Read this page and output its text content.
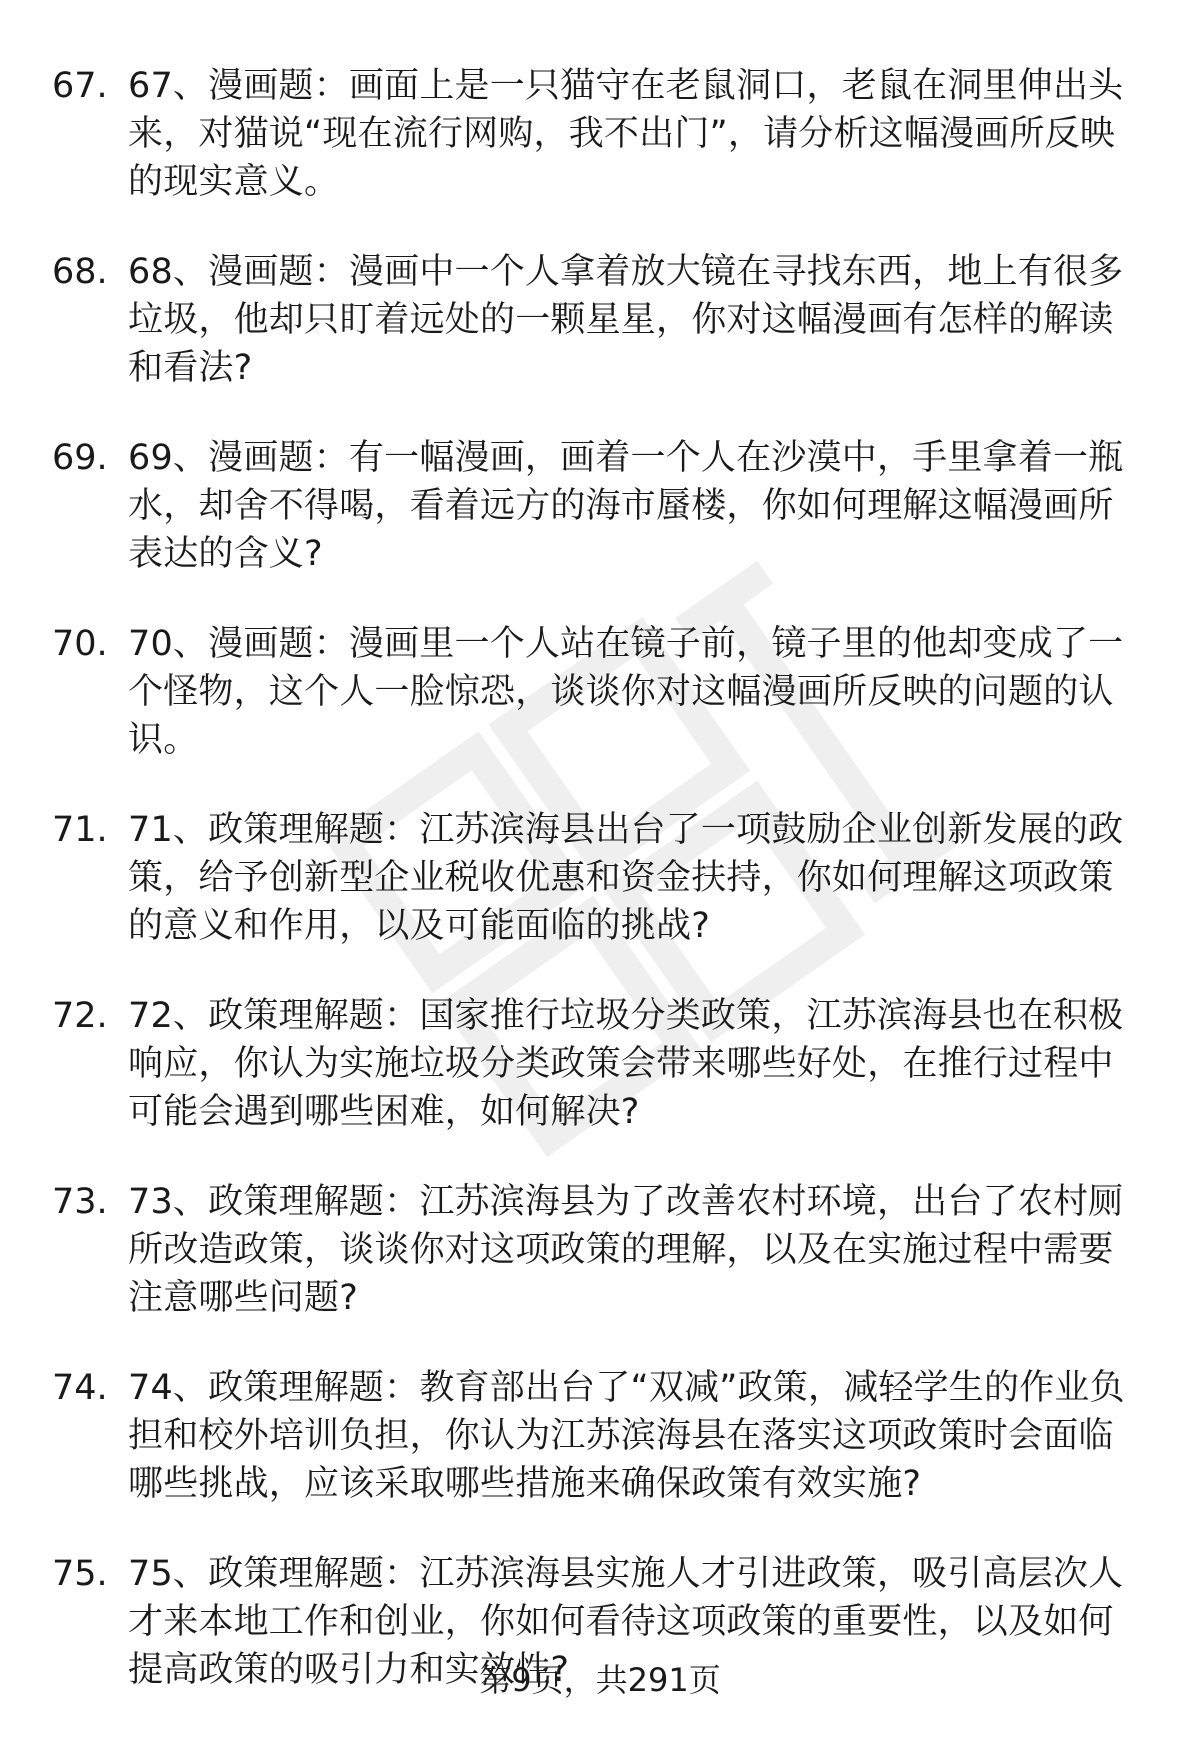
67. 67、漫画题：画面上是一只猫守在老鼠洞口，老鼠在洞里伸出头来，对猫说“现在流行网购，我不出门”，请分析这幅漫画所反映的现实意义。
68. 68、漫画题：漫画中一个人拿着放大镜在寻找东西，地上有很多垃圾，他却只盯着远处的一颗星星，你对这幅漫画有怎样的解读和看法?
69. 69、漫画题：有一幅漫画，画着一个人在沙漠中，手里拿着一瓶水，却舍不得喝，看着远方的海市蜃楼，你如何理解这幅漫画所表达的含义?
70. 70、漫画题：漫画里一个人站在镜子前，镜子里的他却变成了一个怪物，这个人一脸惊恐，谈谈你对这幅漫画所反映的问题的认识。
71. 71、政策理解题：江苏滨海县出台了一项鼓励企业创新发展的政策，给予创新型企业税收优惠和资金扶持，你如何理解这项政策的意义和作用，以及可能面临的挑战?
72. 72、政策理解题：国家推行垃圾分类政策，江苏滨海县也在积极响应，你认为实施垃圾分类政策会带来哪些好处，在推行过程中可能会遇到哪些困难，如何解决?
73. 73、政策理解题：江苏滨海县为了改善农村环境，出台了农村厕所改造政策，谈谈你对这项政策的理解，以及在实施过程中需要注意哪些问题?
74. 74、政策理解题：教育部出台了“双减”政策，减轻学生的作业负担和校外培训负担，你认为江苏滨海县在落实这项政策时会面临哪些挑战，应该采取哪些措施来确保政策有效实施?
75. 75、政策理解题：江苏滨海县实施人才引进政策，吸引高层次人才来本地工作和创业，你如何看待这项政策的重要性，以及如何提高政策的吸引力和实效性?
第9页，共291页
